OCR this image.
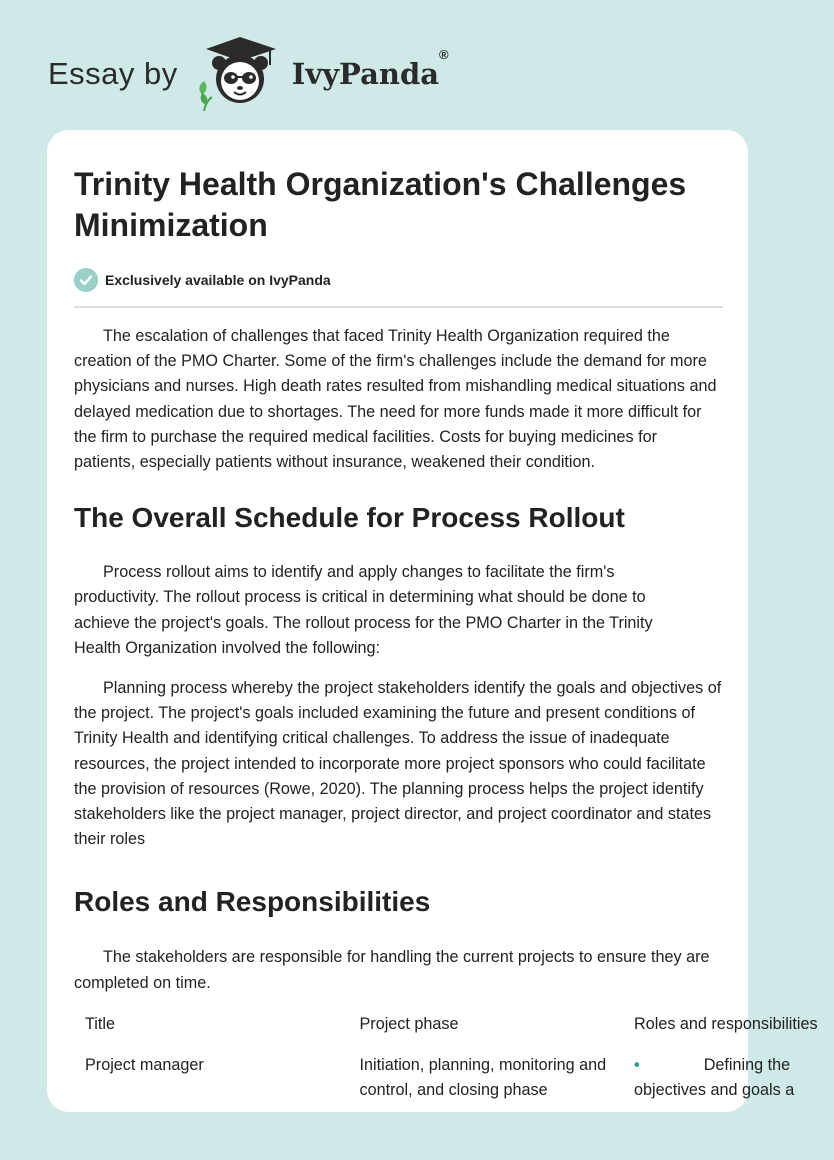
Essay by	IvyPanda®
Trinity Health Organization's Challenges Minimization
Exclusively available on IvyPanda

The escalation of challenges that faced Trinity Health Organization required the creation of the PMO Charter. Some of the firm's challenges include the demand for more physicians and nurses. High death rates resulted from mishandling medical situations and delayed medication due to shortages. The need for more funds made it more difficult for the firm to purchase the required medical facilities. Costs for buying medicines for patients, especially patients without insurance, weakened their condition.

The Overall Schedule for Process Rollout

Process rollout aims to identify and apply changes to facilitate the firm's productivity. The rollout process is critical in determining what should be done to achieve the project's goals. The rollout process for the PMO Charter in the Trinity Health Organization involved the following:

Planning process whereby the project stakeholders identify the goals and objectives of the project. The project's goals included examining the future and present conditions of Trinity Health and identifying critical challenges. To address the issue of inadequate resources, the project intended to incorporate more project sponsors who could facilitate the provision of resources (Rowe, 2020). The planning process helps the project identify stakeholders like the project manager, project director, and project coordinator and states their roles

Roles and Responsibilities

The stakeholders are responsible for handling the current projects to ensure they are completed on time.

Title	Project phase	Roles and responsibilities
Project manager	Initiation, planning, monitoring and control, and closing phase	• Defining the
objectives and goals a
